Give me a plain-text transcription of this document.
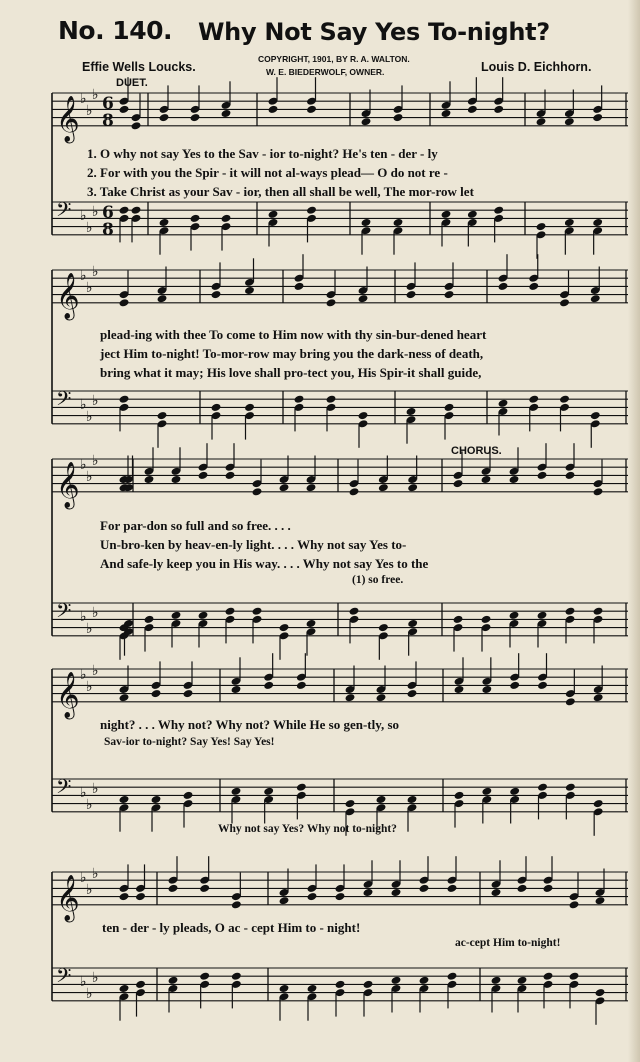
No. 140. Why Not Say Yes To-night?
Effie Wells Loucks.
COPYRIGHT, 1901, BY R. A. WALTON.
W. E. BIEDERWOLF, OWNER.	Louis D. Eichhorn.
𝄞 ♭
♭
♭
𝄢 ♭
♭
♭
𝄞 ♭
♭
♭
𝄢 ♭
♭
♭
𝄞 ♭
♭
♭
𝄢 ♭
♭
♭
𝄞 ♭
♭
♭
𝄢 ♭
♭
♭
𝄞 ♭
♭
♭
𝄢 ♭
♭
♭
6
8
6
8
DUET.
CHORUS.
1. O why not say Yes to the Sav - ior to-night? He's ten - der - ly
2. For with you the Spir - it will not al-ways plead— O do not re -
3. Take Christ as your Sav - ior, then all shall be well, The mor-row let
plead-ing with thee To come to Him now with thy sin-bur-dened heart
ject Him to-night! To-mor-row may bring you the dark-ness of death,
bring what it may; His love shall pro-tect you, His Spir-it shall guide,
For par-don so full and so free. . . .
Un-bro-ken by heav-en-ly light. . . . Why not say Yes to-
And safe-ly keep you in His way. . . . Why not say Yes to the
(1) so free.
night? . . . Why not? Why not? While He so gen-tly, so
Sav-ior to-night? Say Yes! Say Yes!
Why not say Yes? Why not to-night?
ten - der - ly pleads, O ac - cept Him to - night!
ac-cept Him to-night!
